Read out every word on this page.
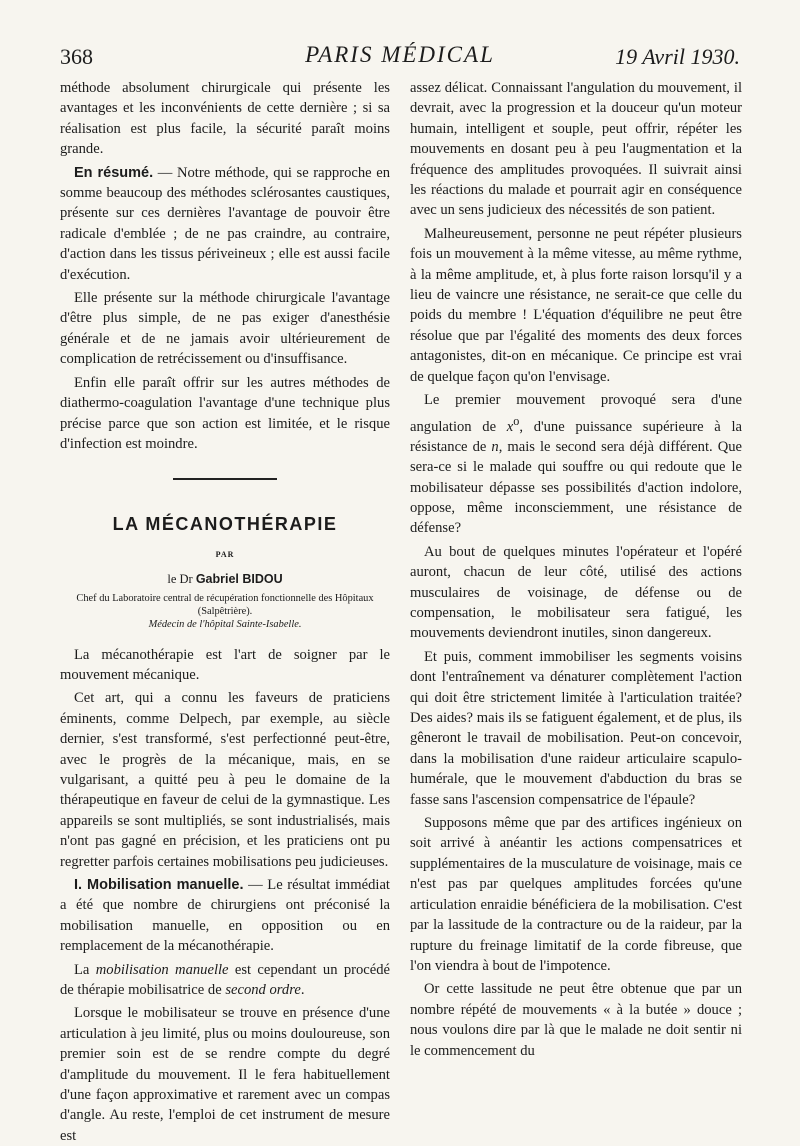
368	PARIS MÉDICAL	19 Avril 1930.

méthode absolument chirurgicale qui présente les avantages et les inconvénients de cette dernière ; si sa réalisation est plus facile, la sécurité paraît moins grande.

En résumé. — Notre méthode, qui se rapproche en somme beaucoup des méthodes sclérosantes caustiques, présente sur ces dernières l'avantage de pouvoir être radicale d'emblée ; de ne pas craindre, au contraire, d'action dans les tissus périveineux ; elle est aussi facile d'exécution.

Elle présente sur la méthode chirurgicale l'avantage d'être plus simple, de ne pas exiger d'anesthésie générale et de ne jamais avoir ultérieurement de complication de retrécissement ou d'insuffisance.

Enfin elle paraît offrir sur les autres méthodes de diathermo-coagulation l'avantage d'une technique plus précise parce que son action est limitée, et le risque d'infection est moindre.

LA MÉCANOTHÉRAPIE
PAR
le Dr Gabriel BIDOU
Chef du Laboratoire central de récupération fonctionnelle des Hôpitaux (Salpêtrière).
Médecin de l'hôpital Sainte-Isabelle.

La mécanothérapie est l'art de soigner par le mouvement mécanique.

Cet art, qui a connu les faveurs de praticiens éminents, comme Delpech, par exemple, au siècle dernier, s'est transformé, s'est perfectionné peut-être, avec le progrès de la mécanique, mais, en se vulgarisant, a quitté peu à peu le domaine de la thérapeutique en faveur de celui de la gymnastique. Les appareils se sont multipliés, se sont industrialisés, mais n'ont pas gagné en précision, et les praticiens ont pu regretter parfois certaines mobilisations peu judicieuses.

I. Mobilisation manuelle. — Le résultat immédiat a été que nombre de chirurgiens ont préconisé la mobilisation manuelle, en opposition ou en remplacement de la mécanothérapie.

La mobilisation manuelle est cependant un procédé de thérapie mobilisatrice de second ordre.

Lorsque le mobilisateur se trouve en présence d'une articulation à jeu limité, plus ou moins douloureuse, son premier soin est de se rendre compte du degré d'amplitude du mouvement. Il le fera habituellement d'une façon approximative et rarement avec un compas d'angle. Au reste, l'emploi de cet instrument de mesure est

assez délicat. Connaissant l'angulation du mouvement, il devrait, avec la progression et la douceur qu'un moteur humain, intelligent et souple, peut offrir, répéter les mouvements en dosant peu à peu l'augmentation et la fréquence des amplitudes provoquées. Il suivrait ainsi les réactions du malade et pourrait agir en conséquence avec un sens judicieux des nécessités de son patient.

Malheureusement, personne ne peut répéter plusieurs fois un mouvement à la même vitesse, au même rythme, à la même amplitude, et, à plus forte raison lorsqu'il y a lieu de vaincre une résistance, ne serait-ce que celle du poids du membre ! L'équation d'équilibre ne peut être résolue que par l'égalité des moments des deux forces antagonistes, dit-on en mécanique. Ce principe est vrai de quelque façon qu'on l'envisage.

Le premier mouvement provoqué sera d'une angulation de $x^o$, d'une puissance supérieure à la résistance de n, mais le second sera déjà différent. Que sera-ce si le malade qui souffre ou qui redoute que le mobilisateur dépasse ses possibilités d'action indolore, oppose, même inconsciemment, une résistance de défense?

Au bout de quelques minutes l'opérateur et l'opéré auront, chacun de leur côté, utilisé des actions musculaires de voisinage, de défense ou de compensation, le mobilisateur sera fatigué, les mouvements deviendront inutiles, sinon dangereux.

Et puis, comment immobiliser les segments voisins dont l'entraînement va dénaturer complètement l'action qui doit être strictement limitée à l'articulation traitée? Des aides? mais ils se fatiguent également, et de plus, ils gêneront le travail de mobilisation. Peut-on concevoir, dans la mobilisation d'une raideur articulaire scapulo-humérale, que le mouvement d'abduction du bras se fasse sans l'ascension compensatrice de l'épaule?

Supposons même que par des artifices ingénieux on soit arrivé à anéantir les actions compensatrices et supplémentaires de la musculature de voisinage, mais ce n'est pas par quelques amplitudes forcées qu'une articulation enraidie bénéficiera de la mobilisation. C'est par la lassitude de la contracture ou de la raideur, par la rupture du freinage limitatif de la corde fibreuse, que l'on viendra à bout de l'impotence.

Or cette lassitude ne peut être obtenue que par un nombre répété de mouvements « à la butée » douce ; nous voulons dire par là que le malade ne doit sentir ni le commencement du
